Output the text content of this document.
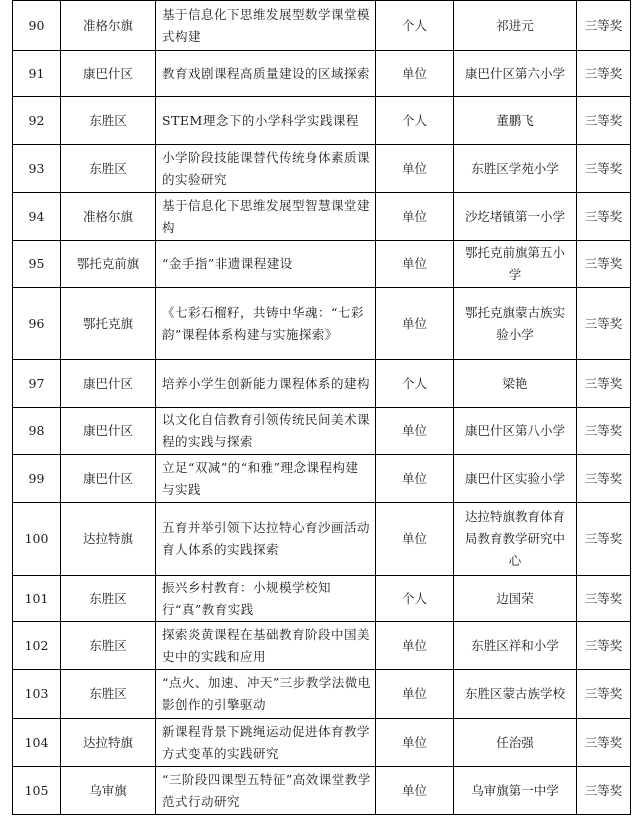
90	准格尔旗	基于信息化下思维发展型数学课堂模式构建	个人	祁进元	三等奖
91	康巴什区	教育戏剧课程高质量建设的区域探索	单位	康巴什区第六小学	三等奖
92	东胜区	STEM理念下的小学科学实践课程	个人	董鹏飞	三等奖
93	东胜区	小学阶段技能课替代传统身体素质课的实验研究	单位	东胜区学苑小学	三等奖
94	准格尔旗	基于信息化下思维发展型智慧课堂建构	单位	沙圪堵镇第一小学	三等奖
95	鄂托克前旗	“金手指”非遗课程建设	单位	鄂托克前旗第五小学	三等奖
96	鄂托克旗	《七彩石榴籽，共铸中华魂：“七彩韵”课程体系构建与实施探索》	单位	鄂托克旗蒙古族实验小学	三等奖
97	康巴什区	培养小学生创新能力课程体系的建构	个人	梁艳	三等奖
98	康巴什区	以文化自信教育引领传统民间美术课程的实践与探索	单位	康巴什区第八小学	三等奖
99	康巴什区	立足“双减”的“和雅”理念课程构建与实践	单位	康巴什区实验小学	三等奖
100	达拉特旗	五育并举引领下达拉特心育沙画活动育人体系的实践探索	单位	达拉特旗教育体育局教育教学研究中心	三等奖
101	东胜区	振兴乡村教育：小规模学校知行“真”教育实践	个人	边国荣	三等奖
102	东胜区	探索炎黄课程在基础教育阶段中国美史中的实践和应用	单位	东胜区祥和小学	三等奖
103	东胜区	“点火、加速、冲天”三步教学法微电影创作的引擎驱动	单位	东胜区蒙古族学校	三等奖
104	达拉特旗	新课程背景下跳绳运动促进体育教学方式变革的实践研究	单位	任治强	三等奖
105	乌审旗	“三阶段四课型五特征”高效课堂教学范式行动研究	单位	乌审旗第一中学	三等奖
